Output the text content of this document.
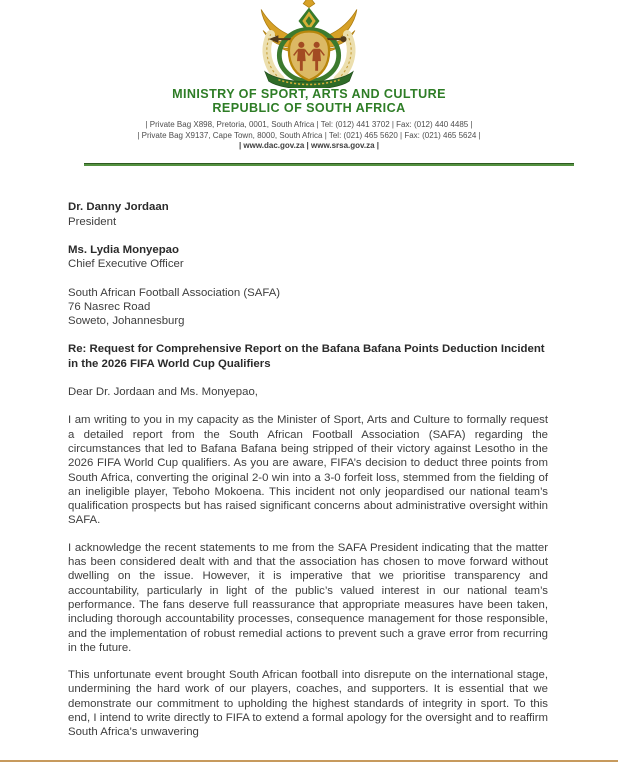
MINISTRY OF SPORT, ARTS AND CULTURE
REPUBLIC OF SOUTH AFRICA
| Private Bag X898, Pretoria, 0001, South Africa | Tel: (012) 441 3702 | Fax: (012) 440 4485 |
| Private Bag X9137, Cape Town, 8000, South Africa | Tel: (021) 465 5620 | Fax: (021) 465 5624 |
| www.dac.gov.za | www.srsa.gov.za |
Dr. Danny Jordaan
President
Ms. Lydia Monyepao
Chief Executive Officer
South African Football Association (SAFA)
76 Nasrec Road
Soweto, Johannesburg
Re: Request for Comprehensive Report on the Bafana Bafana Points Deduction Incident in the 2026 FIFA World Cup Qualifiers
Dear Dr. Jordaan and Ms. Monyepao,
I am writing to you in my capacity as the Minister of Sport, Arts and Culture to formally request a detailed report from the South African Football Association (SAFA) regarding the circumstances that led to Bafana Bafana being stripped of their victory against Lesotho in the 2026 FIFA World Cup qualifiers. As you are aware, FIFA’s decision to deduct three points from South Africa, converting the original 2-0 win into a 3-0 forfeit loss, stemmed from the fielding of an ineligible player, Teboho Mokoena. This incident not only jeopardised our national team’s qualification prospects but has raised significant concerns about administrative oversight within SAFA.
I acknowledge the recent statements to me from the SAFA President indicating that the matter has been considered dealt with and that the association has chosen to move forward without dwelling on the issue. However, it is imperative that we prioritise transparency and accountability, particularly in light of the public’s valued interest in our national team’s performance. The fans deserve full reassurance that appropriate measures have been taken, including thorough accountability processes, consequence management for those responsible, and the implementation of robust remedial actions to prevent such a grave error from recurring in the future.
This unfortunate event brought South African football into disrepute on the international stage, undermining the hard work of our players, coaches, and supporters. It is essential that we demonstrate our commitment to upholding the highest standards of integrity in sport. To this end, I intend to write directly to FIFA to extend a formal apology for the oversight and to reaffirm South Africa’s unwavering
